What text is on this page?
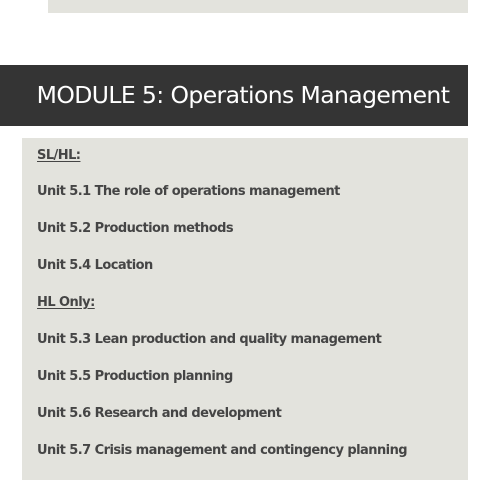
MODULE 5: Operations Management
SL/HL:
Unit 5.1 The role of operations management
Unit 5.2 Production methods
Unit 5.4 Location
HL Only:
Unit 5.3 Lean production and quality management
Unit 5.5 Production planning
Unit 5.6 Research and development
Unit 5.7 Crisis management and contingency planning
